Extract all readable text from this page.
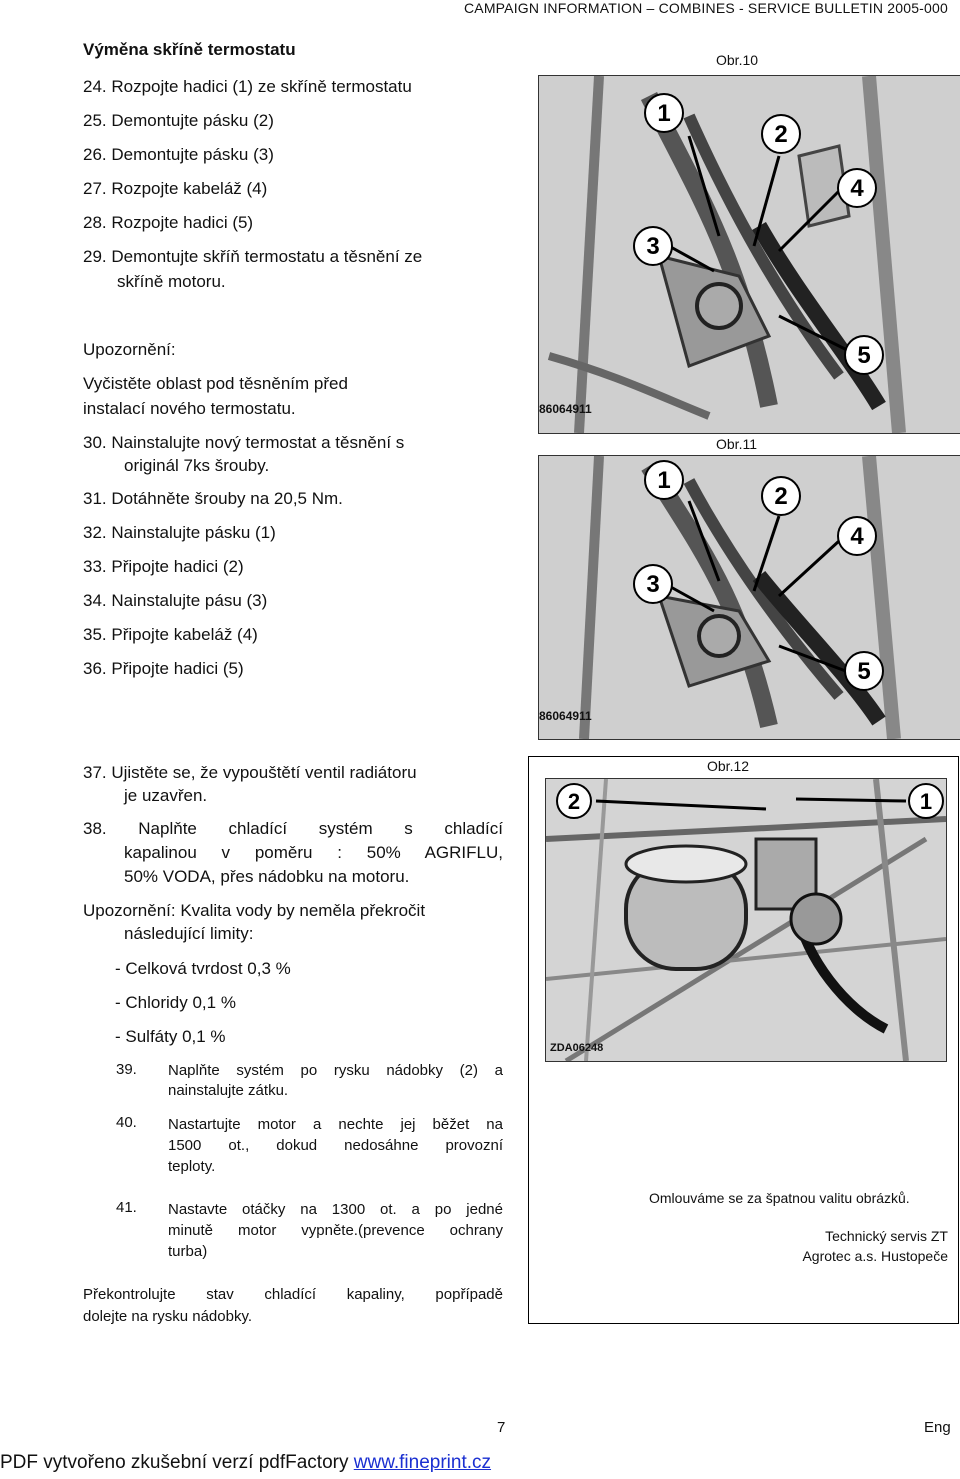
CAMPAIGN INFORMATION – COMBINES - SERVICE BULLETIN 2005-000
Výměna skříně termostatu
24. Rozpojte hadici (1) ze skříně termostatu
25. Demontujte pásku (2)
26. Demontujte pásku (3)
27. Rozpojte kabeláž (4)
28. Rozpojte hadici (5)
29. Demontujte skříň termostatu a těsnění ze
skříně motoru.
Upozornění:
Vyčistěte oblast pod těsněním před
instalací nového termostatu.
30. Nainstalujte nový termostat a těsnění s
originál 7ks šrouby.
31. Dotáhněte šrouby na 20,5 Nm.
32. Nainstalujte pásku (1)
33. Připojte hadici (2)
34. Nainstalujte pásu (3)
35. Připojte kabeláž (4)
36. Připojte hadici (5)
37. Ujistěte se, že vypouštětí ventil radiátoru
je uzavřen.
38. Naplňte chladící systém s chladící
kapalinou v poměru : 50% AGRIFLU,
50% VODA, přes nádobku na motoru.
Upozornění: Kvalita vody by neměla překročit
následující limity:
- Celková tvrdost 0,3 %
- Chloridy 0,1 %
- Sulfáty 0,1 %
39. Naplňte systém po rysku nádobky (2) a
nainstalujte zátku.
40. Nastartujte motor a nechte jej běžet na
1500 ot., dokud nedosáhne provozní
teploty.
41. Nastavte otáčky na 1300 ot. a po jedné
minutě motor vypněte.(prevence ochrany
turba)
Překontrolujte stav chladící kapaliny, popřípadě
dolejte na rysku nádobky.
Obr.10
1
2
3
4
5
86064911
Obr.11
1
2
3
4
5
86064911
Obr.12
2	1
ZDA06248
Omlouváme se za špatnou valitu obrázků.
Technický servis ZT
Agrotec a.s. Hustopeče
7	Eng
PDF vytvořeno zkušební verzí pdfFactory www.fineprint.cz
